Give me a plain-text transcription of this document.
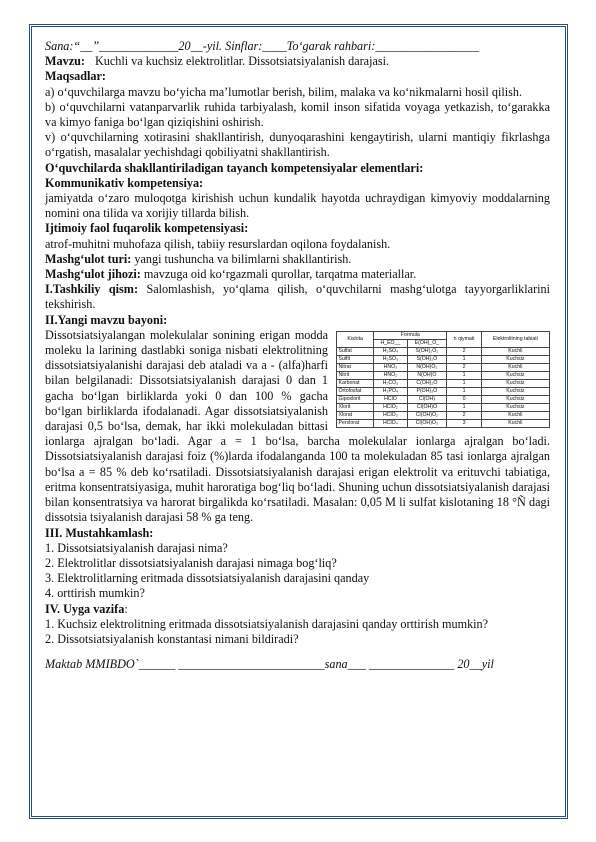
Sana:“__”_____________20__-yil. Sinflar:____To‘garak rahbari:_________________

Mavzu: Kuchli va kuchsiz elektrolitlar. Dissotsiatsiyalanish darajasi.

Maqsadlar:

a) o‘quvchilarga mavzu bo‘yicha ma’lumotlar berish, bilim, malaka va ko‘nikmalarni hosil qilish.

b) o‘quvchilarni vatanparvarlik ruhida tarbiyalash, komil inson sifatida voyaga yetkazish, to‘garakka va kimyo faniga bo‘lgan qiziqishini oshirish.

v) o‘quvchilarning xotirasini shakllantirish, dunyoqarashini kengaytirish, ularni mantiqiy fikrlashga o‘rgatish, masalalar yechishdagi qobiliyatni shakllantirish.

O‘quvchilarda shakllantiriladigan tayanch kompetensiyalar elementlari:

Kommunikativ kompetensiya:

jamiyatda o‘zaro muloqotga kirishish uchun kundalik hayotda uchraydigan kimyoviy moddalarning nomini ona tilida va xorijiy tillarda bilish.

Ijtimoiy faol fuqarolik kompetensiyasi:

atrof-muhitni muhofaza qilish, tabiiy resurslardan oqilona foydalanish.

Mashg‘ulot turi: yangi tushuncha va bilimlarni shakllantirish.

Mashg‘ulot jihozi: mavzuga oid ko‘rgazmali qurollar, tarqatma materiallar.

I.Tashkiliy qism: Salomlashish, yo‘qlama qilish, o‘quvchilarni mashg‘ulotga tayyorgarliklarini tekshirish.

II.Yangi mavzu bayoni:

Kislota	Formula		n qiymati	Elektrolitning tabiati
	H_EO__	E(OH)_O_		
Sulfat	H₂SO₄	S(OH)₂O₂	2	Kuchli
Sulfit	H₂SO₃	S(OH)₂O	1	Kuchsiz
Nitrat	HNO₃	N(OH)O₂	2	Kuchli
Nitrit	HNO₂	N(OH)O	1	Kuchsiz
Karbonat	H₂CO₃	C(OH)₂O	1	Kuchsiz
Ortofosfat	H₃PO₄	P(OH)₃O	1	Kuchsiz
Gipoxlorit	HClO	Cl(OH)	0	Kuchsiz
Xlorit	HClO₂	Cl(OH)O	1	Kuchsiz
Xlorat	HClO₃	Cl(OH)O₂	2	Kuchli
Perxlorat	HClO₄	Cl(OH)O₃	3	Kuchli

Dissotsiatsiyalangan molekulalar sonining erigan modda moleku la larining dastlabki soniga nisbati elektrolitning dissotsiatsiyalanishi darajasi deb ataladi va a - (alfa)harfi bilan belgilanadi: Dissotsiatsiyalanish darajasi 0 dan 1 gacha bo‘lgan birliklarda yoki 0 dan 100 % gacha bo‘lgan birliklarda ifodalanadi. Agar dissotsiatsiyalanish darajasi 0,5 bo‘lsa, demak, har ikki molekuladan bittasi ionlarga ajralgan bo‘ladi. Agar a = 1 bo‘lsa, barcha molekulalar ionlarga ajralgan bo‘ladi. Dissotsiatsiyalanish darajasi foiz (%)larda ifodalanganda 100 ta molekuladan 85 tasi ionlarga ajralgan bo‘lsa a = 85 % deb ko‘rsatiladi. Dissotsiatsiyalanish darajasi erigan elektrolit va erituvchi tabiatiga, eritma konsentratsiyasiga, muhit haroratiga bog‘liq bo‘ladi. Shuning uchun dissotsiatsiyalanish darajasi bilan konsentratsiya va harorat birgalikda ko‘rsatiladi. Masalan: 0,05 M li sulfat kislotaning 18 °Ñ dagi dissotsia tsiyalanish darajasi 58 % ga teng.

III. Mustahkamlash:

1. Dissotsiatsiyalanish darajasi nima?

2. Elektrolitlar dissotsiatsiyalanish darajasi nimaga bog‘liq?

3. Elektrolitlarning eritmada dissotsiatsiyalanish darajasini qanday

4. orttirish mumkin?

IV. Uyga vazifa:

1. Kuchsiz elektrolitning eritmada dissotsiatsiyalanish darajasini qanday orttirish mumkin?

2. Dissotsiatsiyalanish konstantasi nimani bildiradi?

Maktab MMIBDO`______ ________________________sana___ ______________ 20__yil
